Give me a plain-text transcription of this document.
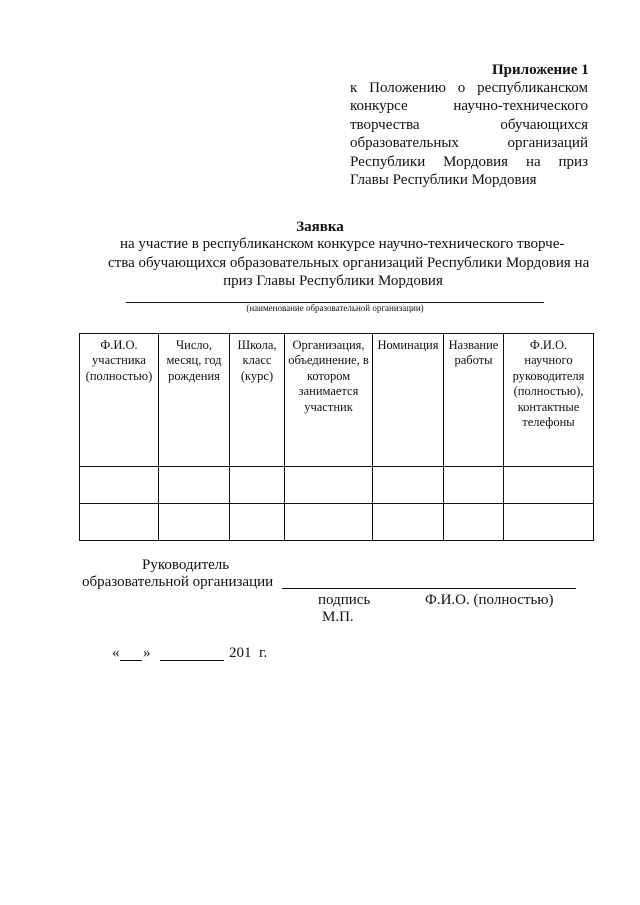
Приложение 1
к Положению о республиканском конкурсе научно-технического творчества обучающихся образовательных организаций Республики Мордовия на приз Главы Республики Мордовия
Заявка
на участие в республиканском конкурсе научно-технического творче-
ства обучающихся образовательных организаций Республики Мордовия на
приз Главы Республики Мордовия
(наименование образовательной организации)
Ф.И.О. участника (полностью)	Число, месяц, год рождения	Школа, класс (курс)	Организация, объединение, в котором занимается участник	Номинация	Название работы	Ф.И.О. научного руководителя (полностью), контактные телефоны

Руководитель
образовательной организации
подпись	Ф.И.О. (полностью)
М.П.
« »	201 г.
